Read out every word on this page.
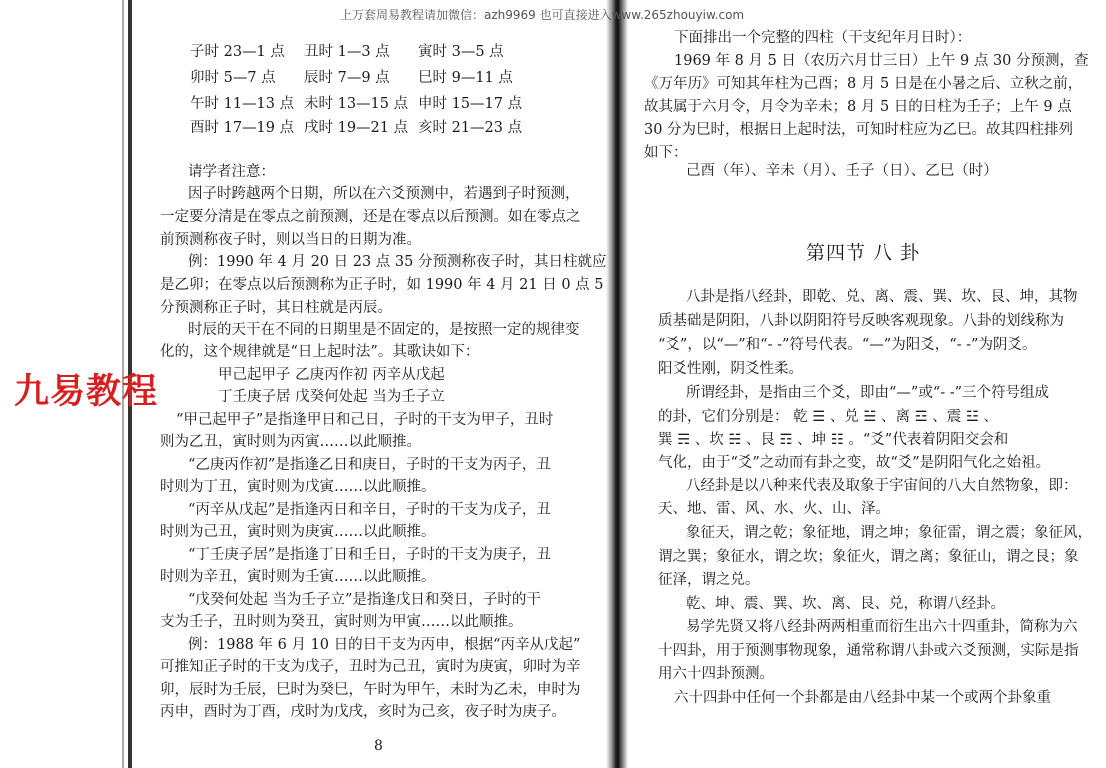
上万套周易教程请加微信：azh9969 也可直接进入www.265zhouyiw.com
九易教程
子时 23—1 点 丑时 1—3 点 寅时 3—5 点
卯时 5—7 点 辰时 7—9 点 巳时 9—11 点
午时 11—13 点 未时 13—15 点 申时 15—17 点
酉时 17—19 点 戌时 19—21 点 亥时 21—23 点
请学者注意：
因子时跨越两个日期，所以在六爻预测中，若遇到子时预测，
一定要分清是在零点之前预测，还是在零点以后预测。如在零点之
前预测称夜子时，则以当日的日期为准。
例：1990 年 4 月 20 日 23 点 35 分预测称夜子时，其日柱就应
是乙卯；在零点以后预测称为正子时，如 1990 年 4 月 21 日 0 点 5
分预测称正子时，其日柱就是丙辰。
时辰的天干在不同的日期里是不固定的，是按照一定的规律变
化的，这个规律就是“日上起时法”。其歌诀如下：
甲己起甲子 乙庚丙作初 丙辛从戊起
丁壬庚子居 戊癸何处起 当为壬子立
“甲己起甲子”是指逢甲日和己日，子时的干支为甲子，丑时
则为乙丑，寅时则为丙寅……以此顺推。
“乙庚丙作初”是指逢乙日和庚日，子时的干支为丙子，丑
时则为丁丑，寅时则为戊寅……以此顺推。
“丙辛从戊起”是指逢丙日和辛日，子时的干支为戊子，丑
时则为己丑，寅时则为庚寅……以此顺推。
“丁壬庚子居”是指逢丁日和壬日，子时的干支为庚子，丑
时则为辛丑，寅时则为壬寅……以此顺推。
“戊癸何处起 当为壬子立”是指逢戊日和癸日，子时的干
支为壬子，丑时则为癸丑，寅时则为甲寅……以此顺推。
例：1988 年 6 月 10 日的日干支为丙申，根据“丙辛从戊起”
可推知正子时的干支为戊子，丑时为己丑，寅时为庚寅，卯时为辛
卯，辰时为壬辰，巳时为癸巳，午时为甲午，未时为乙未，申时为
丙申，酉时为丁酉，戌时为戊戌，亥时为己亥，夜子时为庚子。
8
下面排出一个完整的四柱（干支纪年月日时）：
1969 年 8 月 5 日（农历六月廿三日）上午 9 点 30 分预测，查
《万年历》可知其年柱为己酉；8 月 5 日是在小暑之后、立秋之前，
故其属于六月令，月令为辛未；8 月 5 日的日柱为壬子；上午 9 点
30 分为巳时，根据日上起时法，可知时柱应为乙巳。故其四柱排列
如下：
己酉（年）、辛未（月）、壬子（日）、乙巳（时）
第四节 八 卦
八卦是指八经卦，即乾、兑、离、震、巽、坎、艮、坤，其物
质基础是阴阳，八卦以阴阳符号反映客观现象。八卦的划线称为
“爻”，以“—”和“- -”符号代表。“—”为阳爻，“- -”为阴爻。
阳爻性刚，阴爻性柔。
所谓经卦，是指由三个爻，即由“—”或“- -”三个符号组成
的卦，它们分别是： 乾 ☰ 、兑 ☱ 、离 ☲ 、震 ☳ 、
巽 ☴ 、坎 ☵ 、艮 ☶ 、坤 ☷ 。“爻”代表着阴阳交会和
气化，由于“爻”之动而有卦之变，故“爻”是阴阳气化之始祖。
八经卦是以八种来代表及取象于宇宙间的八大自然物象，即：
天、地、雷、风、水、火、山、泽。
象征天，谓之乾；象征地，谓之坤；象征雷，谓之震；象征风，
谓之巽；象征水，谓之坎；象征火，谓之离；象征山，谓之艮；象
征泽，谓之兑。
乾、坤、震、巽、坎、离、艮、兑，称谓八经卦。
易学先贤又将八经卦两两相重而衍生出六十四重卦，简称为六
十四卦，用于预测事物现象，通常称谓八卦或六爻预测，实际是指
用六十四卦预测。
六十四卦中任何一个卦都是由八经卦中某一个或两个卦象重
